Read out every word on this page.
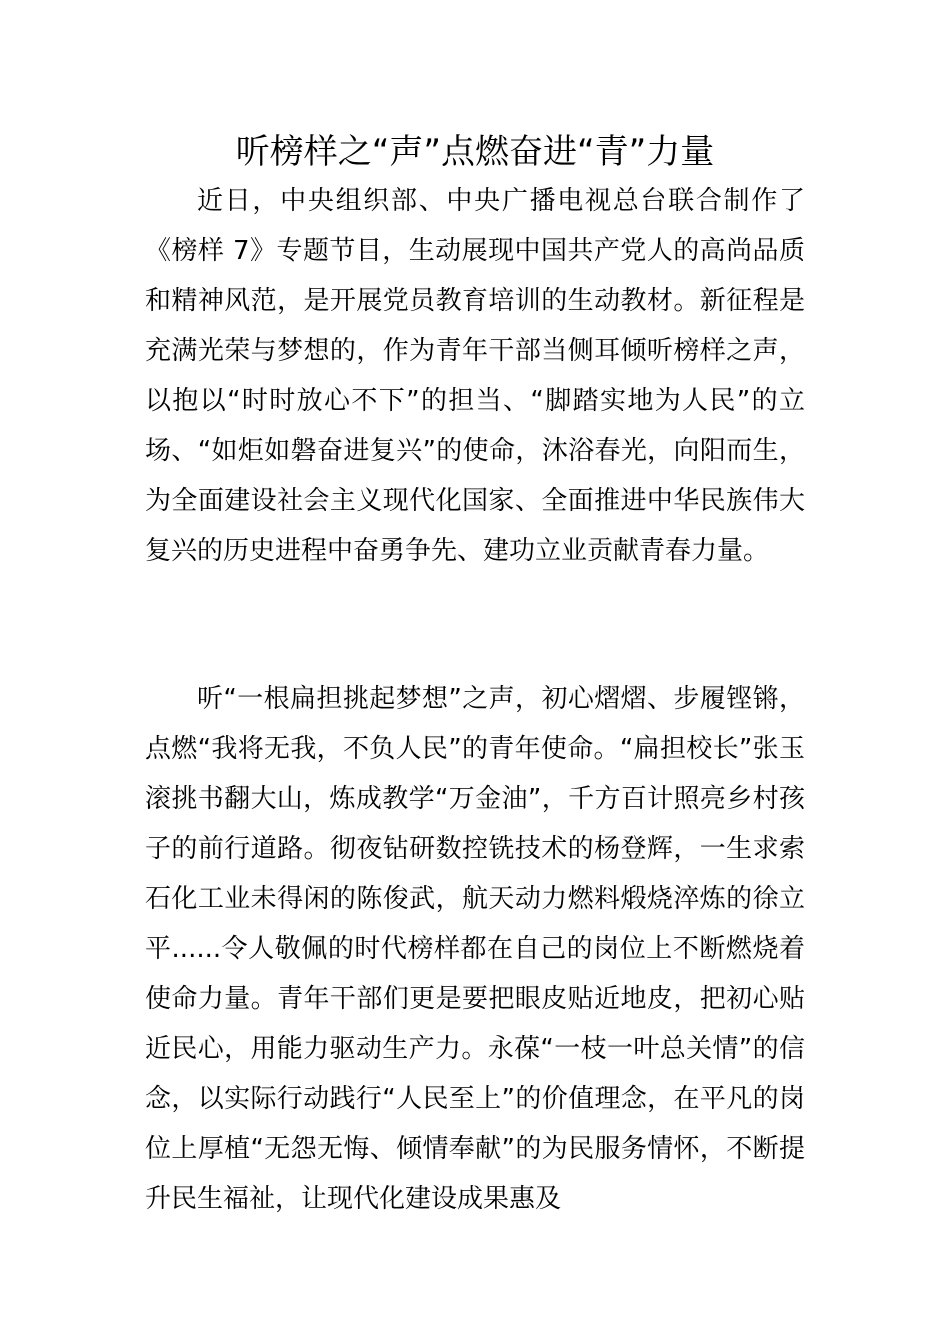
听榜样之“声”点燃奋进“青”力量
近日，中央组织部、中央广播电视总台联合制作了《榜样 7》专题节目，生动展现中国共产党人的高尚品质和精神风范，是开展党员教育培训的生动教材。新征程是充满光荣与梦想的，作为青年干部当侧耳倾听榜样之声，以抱以“时时放心不下”的担当、“脚踏实地为人民”的立场、“如炬如磐奋进复兴”的使命，沐浴春光，向阳而生，为全面建设社会主义现代化国家、全面推进中华民族伟大复兴的历史进程中奋勇争先、建功立业贡献青春力量。
听“一根扁担挑起梦想”之声，初心熠熠、步履铿锵，点燃“我将无我，不负人民”的青年使命。“扁担校长”张玉滚挑书翻大山，炼成教学“万金油”，千方百计照亮乡村孩子的前行道路。彻夜钻研数控铣技术的杨登辉，一生求索石化工业未得闲的陈俊武，航天动力燃料煅烧淬炼的徐立平......令人敬佩的时代榜样都在自己的岗位上不断燃烧着使命力量。青年干部们更是要把眼皮贴近地皮，把初心贴近民心，用能力驱动生产力。永葆“一枝一叶总关情”的信念，以实际行动践行“人民至上”的价值理念，在平凡的岗位上厚植“无怨无悔、倾情奉献”的为民服务情怀，不断提升民生福祉，让现代化建设成果惠及
